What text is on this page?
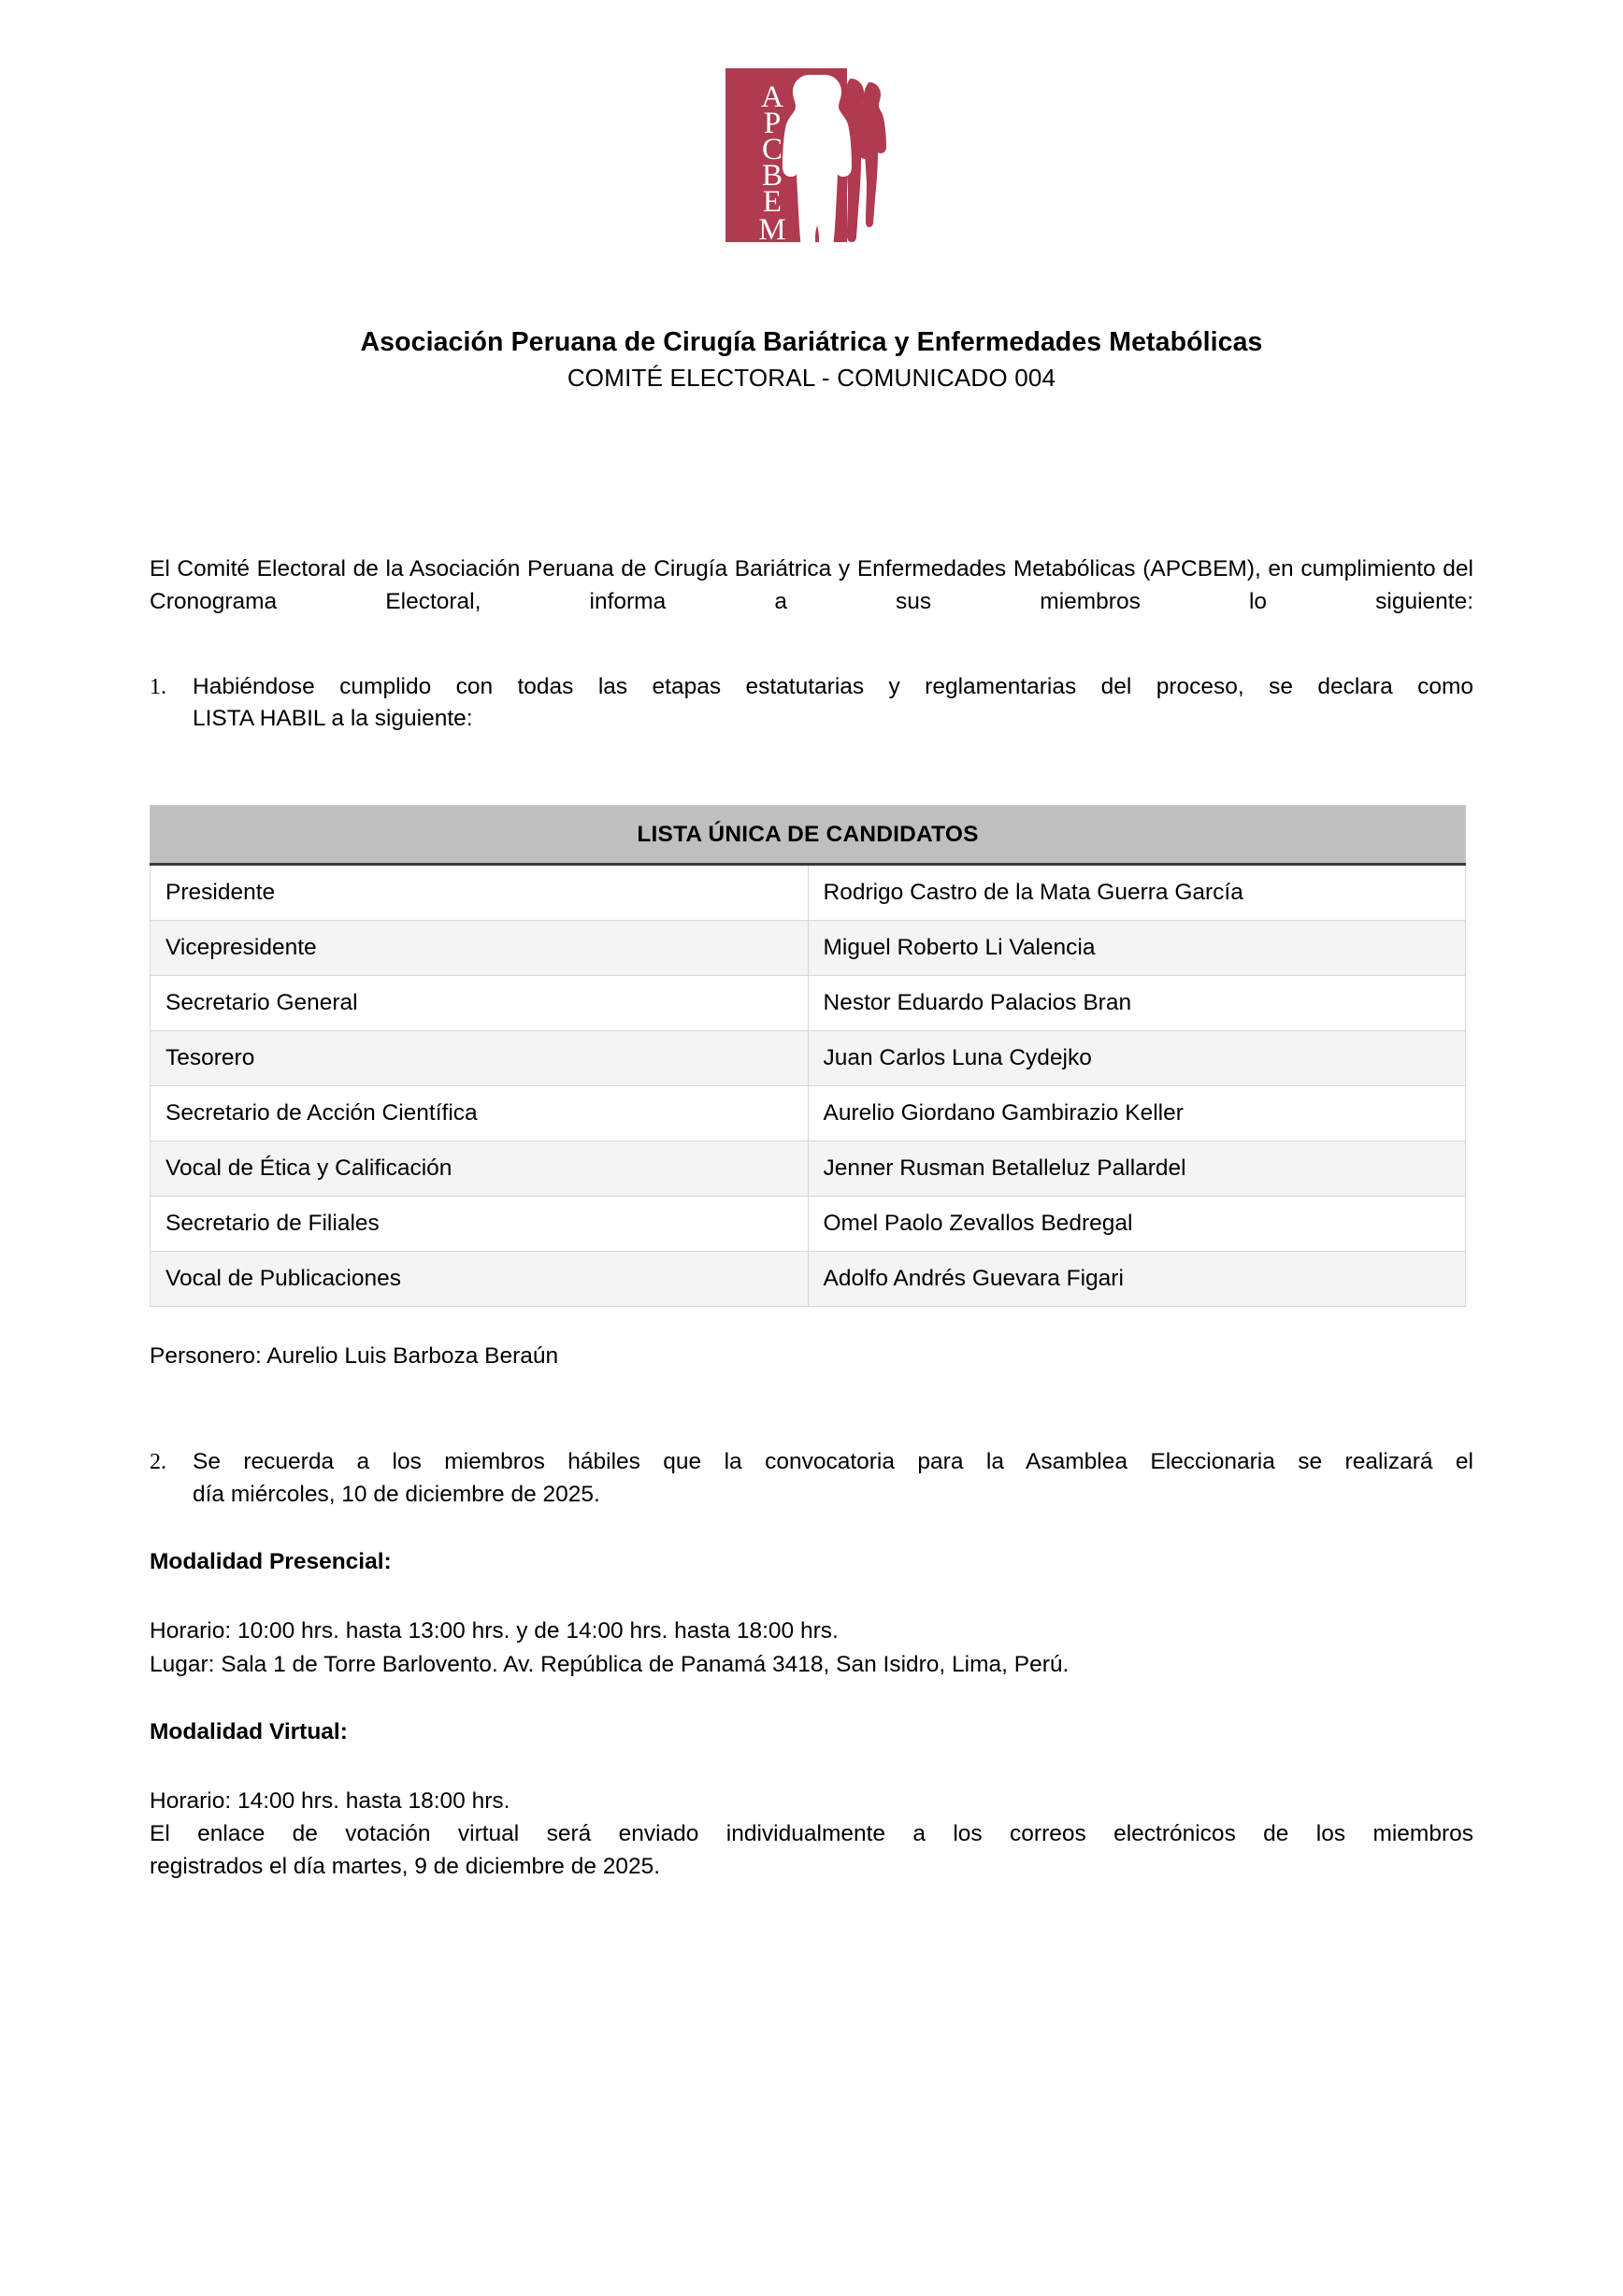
A
P
C
B
E
M
Asociación Peruana de Cirugía Bariátrica y Enfermedades Metabólicas
COMITÉ ELECTORAL - COMUNICADO 004

El Comité Electoral de la Asociación Peruana de Cirugía Bariátrica y Enfermedades Metabólicas (APCBEM), en cumplimiento del Cronograma Electoral, informa a sus miembros lo siguiente:

1.	Habiéndose cumplido con todas las etapas estatutarias y reglamentarias del proceso, se declara como
LISTA HABIL a la siguiente:
LISTA ÚNICA DE CANDIDATOS	
Presidente	Rodrigo Castro de la Mata Guerra García
Vicepresidente	Miguel Roberto Li Valencia
Secretario General	Nestor Eduardo Palacios Bran
Tesorero	Juan Carlos Luna Cydejko
Secretario de Acción Científica	Aurelio Giordano Gambirazio Keller
Vocal de Ética y Calificación	Jenner Rusman Betalleluz Pallardel
Secretario de Filiales	Omel Paolo Zevallos Bedregal
Vocal de Publicaciones	Adolfo Andrés Guevara Figari

Personero: Aurelio Luis Barboza Beraún

2.	Se recuerda a los miembros hábiles que la convocatoria para la Asamblea Eleccionaria se realizará el
día miércoles, 10 de diciembre de 2025.

Modalidad Presencial:

Horario: 10:00 hrs. hasta 13:00 hrs. y de 14:00 hrs. hasta 18:00 hrs.

Lugar: Sala 1 de Torre Barlovento. Av. República de Panamá 3418, San Isidro, Lima, Perú.

Modalidad Virtual:

Horario: 14:00 hrs. hasta 18:00 hrs.

El enlace de votación virtual será enviado individualmente a los correos electrónicos de los miembros

registrados el día martes, 9 de diciembre de 2025.
